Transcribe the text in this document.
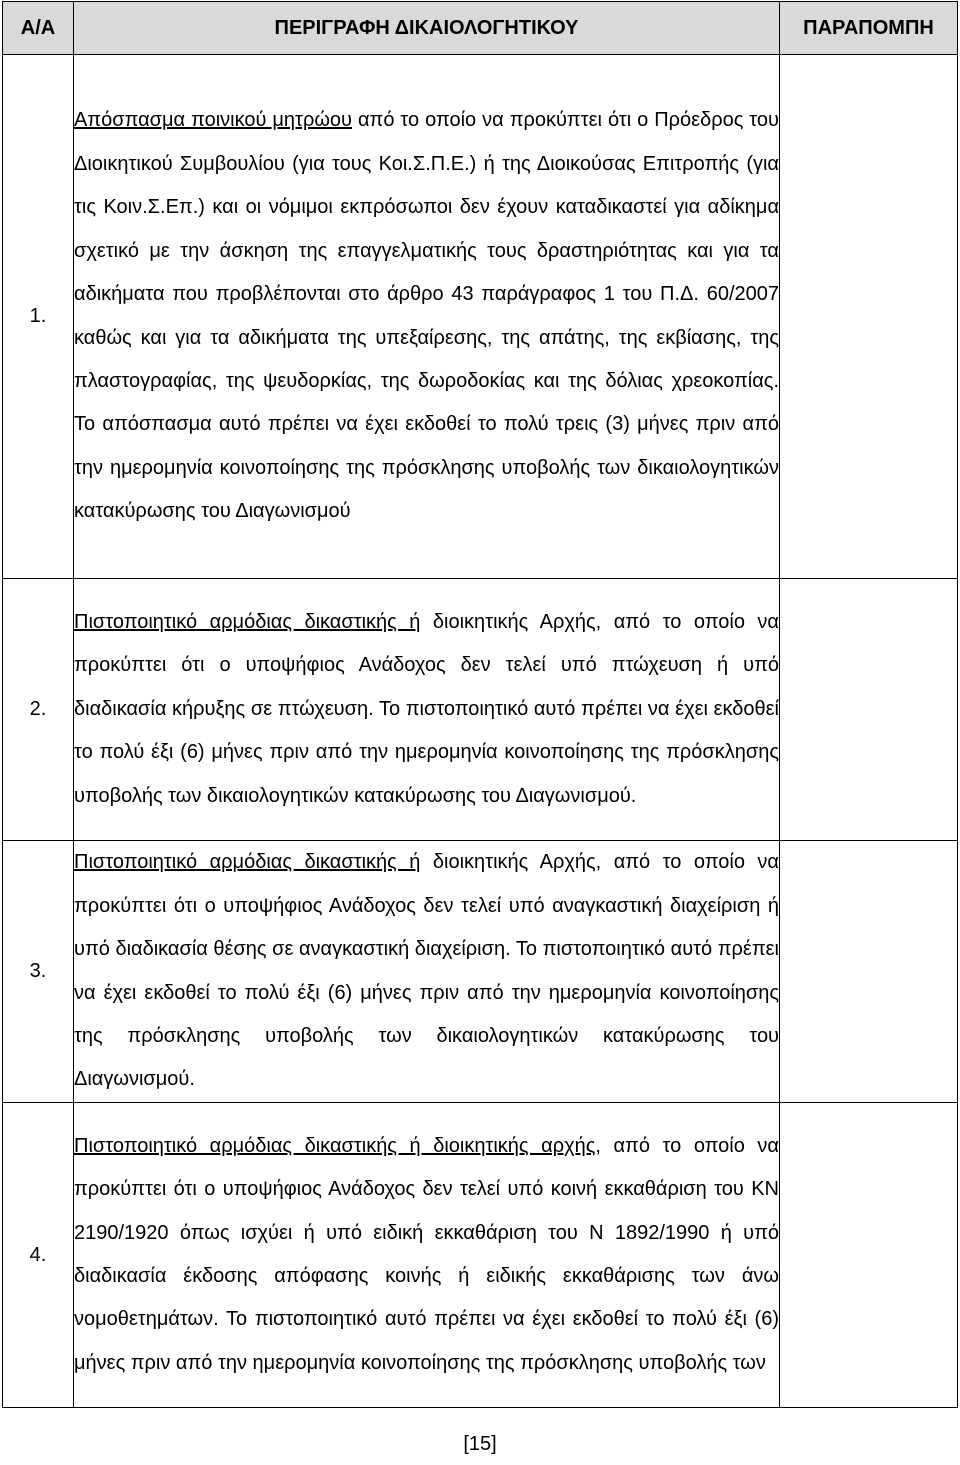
Α/Α	ΠΕΡΙΓΡΑΦΗ ΔΙΚΑΙΟΛΟΓΗΤΙΚΟΥ	ΠΑΡΑΠΟΜΠΗ
1.	Απόσπασμα ποινικού μητρώου από το οποίο να προκύπτει ότι ο Πρόεδρος του Διοικητικού Συμβουλίου (για τους Κοι.Σ.Π.Ε.) ή της Διοικούσας Επιτροπής (για τις Κοιν.Σ.Επ.) και οι νόμιμοι εκπρόσωποι δεν έχουν καταδικαστεί για αδίκημα σχετικό με την άσκηση της επαγγελματικής τους δραστηριότητας και για τα αδικήματα που προβλέπονται στο άρθρο 43 παράγραφος 1 του Π.Δ. 60/2007 καθώς και για τα αδικήματα της υπεξαίρεσης, της απάτης, της εκβίασης, της πλαστογραφίας, της ψευδορκίας, της δωροδοκίας και της δόλιας χρεοκοπίας. Το απόσπασμα αυτό πρέπει να έχει εκδοθεί το πολύ τρεις (3) μήνες πριν από την ημερομηνία κοινοποίησης της πρόσκλησης υποβολής των δικαιολογητικών κατακύρωσης του Διαγωνισμού	
2.	Πιστοποιητικό αρμόδιας δικαστικής ή διοικητικής Αρχής, από το οποίο να προκύπτει ότι ο υποψήφιος Ανάδοχος δεν τελεί υπό πτώχευση ή υπό διαδικασία κήρυξης σε πτώχευση. Το πιστοποιητικό αυτό πρέπει να έχει εκδοθεί το πολύ έξι (6) μήνες πριν από την ημερομηνία κοινοποίησης της πρόσκλησης υποβολής των δικαιολογητικών κατακύρωσης του Διαγωνισμού.	
3.	Πιστοποιητικό αρμόδιας δικαστικής ή διοικητικής Αρχής, από το οποίο να προκύπτει ότι ο υποψήφιος Ανάδοχος δεν τελεί υπό αναγκαστική διαχείριση ή υπό διαδικασία θέσης σε αναγκαστική διαχείριση. Το πιστοποιητικό αυτό πρέπει να έχει εκδοθεί το πολύ έξι (6) μήνες πριν από την ημερομηνία κοινοποίησης της πρόσκλησης υποβολής των δικαιολογητικών κατακύρωσης του Διαγωνισμού.	
4.	Πιστοποιητικό αρμόδιας δικαστικής ή διοικητικής αρχής, από το οποίο να προκύπτει ότι ο υποψήφιος Ανάδοχος δεν τελεί υπό κοινή εκκαθάριση του ΚΝ 2190/1920 όπως ισχύει ή υπό ειδική εκκαθάριση του Ν 1892/1990 ή υπό διαδικασία έκδοσης απόφασης κοινής ή ειδικής εκκαθάρισης των άνω νομοθετημάτων. Το πιστοποιητικό αυτό πρέπει να έχει εκδοθεί το πολύ έξι (6) μήνες πριν από την ημερομηνία κοινοποίησης της πρόσκλησης υποβολής των	
[15]
